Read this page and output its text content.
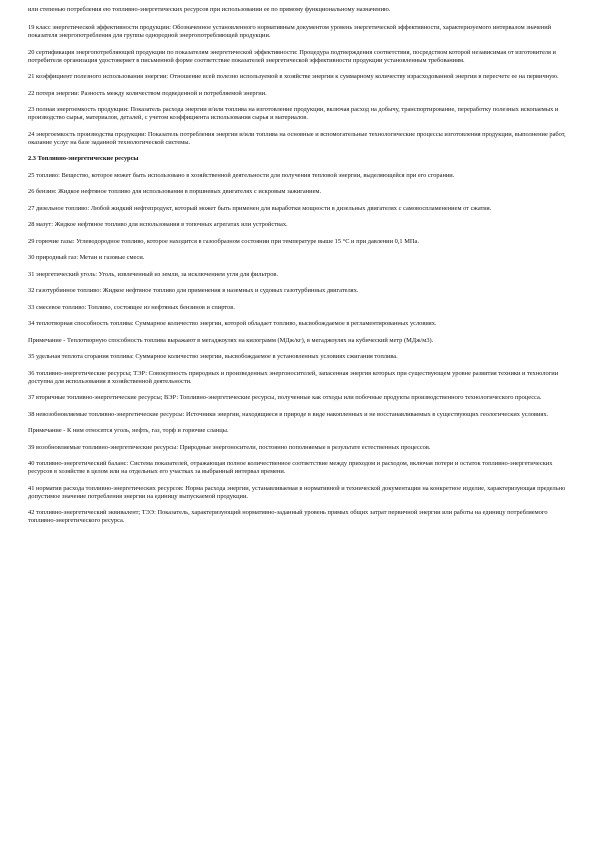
или степенью потребления ею топливно-энергетических ресурсов при использовании ее по прямому функциональному назначению.

19 класс энергетической эффективности продукции: Обозначенное установленного нормативным документом уровень энергетической эффективности, характеризуемого интервалом значений показателя энергопотребления для группы однородной энергопотребляющей продукции.

20 сертификация энергопотребляющей продукции по показателям энергетической эффективности: Процедура подтверждения соответствия, посредством которой независимая от изготовителя и потребителя организация удостоверяет в письменной форме соответствие показателей энергетической эффективности продукции установленным требованиям.

21 коэффициент полезного использования энергии: Отношение всей полезно используемой в хозяйстве энергии к суммарному количеству израсходованной энергии в пересчете ее на первичную.

22 потеря энергии: Разность между количеством подведенной и потребляемой энергии.

23 полная энергоемкость продукции: Показатель расхода энергии и/или топлива на изготовление продукции, включая расход на добычу, транспортирование, переработку полезных ископаемых и производство сырья, материалов, деталей, с учетом коэффициента использования сырья и материалов.

24 энергоемкость производства продукции: Показатель потребления энергии и/или топлива на основные и вспомогательные технологические процессы изготовления продукции, выполнение работ, оказание услуг на базе заданной технологической системы.

2.3 Топливно-энергетические ресурсы

25 топливо: Вещество, которое может быть использовано в хозяйственной деятельности для получения тепловой энергии, выделяющейся при его сгорании.

26 бензин: Жидкое нефтяное топливо для использования в поршневых двигателях с искровым зажиганием.

27 дизельное топливо: Любой жидкий нефтепродукт, который может быть применен для выработки мощности в дизельных двигателях с самовоспламенением от сжатия.

28 мазут: Жидкое нефтяное топливо для использования в топочных агрегатах или устройствах.

29 горючие газы: Углеводородное топливо, которое находится в газообразном состоянии при температуре выше 15 °С и при давлении 0,1 МПа.

30 природный газ: Метан и газовые смеси.

31 энергетический уголь: Уголь, извлеченный из земли, за исключением угля для фильтров.

32 газотурбинное топливо: Жидкое нефтяное топливо для применения в наземных и судовых газотурбинных двигателях.

33 смесевое топливо: Топливо, состоящее из нефтяных бензинов и спиртов.

34 теплотворная способность топлива: Суммарное количество энергии, которой обладает топливо, высвобождаемое в регламентированных условиях.

Примечание - Теплотворную способность топлива выражают в мегаджоулях на килограмм (МДж/кг), в мегаджоулях на кубический метр (МДж/м3).

35 удельная теплота сгорания топлива: Суммарное количество энергии, высвобождаемое в установленных условиях сжигания топлива.

36 топливно-энергетические ресурсы; ТЭР: Совокупность природных и произведенных энергоносителей, запасенная энергия которых при существующем уровне развития техники и технологии доступна для использования в хозяйственной деятельности.

37 вторичные топливно-энергетические ресурсы; ВЭР: Топливно-энергетические ресурсы, полученные как отходы или побочные продукты производственного технологического процесса.

38 невозобновляемые топливно-энергетические ресурсы: Источники энергии, находящиеся в природе в виде накопленных и не восстанавливаемых в существующих геологических условиях.

Примечание - К ним относятся уголь, нефть, газ, торф и горючие сланцы.

39 возобновляемые топливно-энергетические ресурсы: Природные энергоносители, постоянно пополняемые в результате естественных процессов.

40 топливно-энергетический баланс: Система показателей, отражающая полное количественное соответствие между приходом и расходом, включая потери и остаток топливно-энергетических ресурсов в хозяйстве в целом или на отдельных его участках за выбранный интервал времени.

41 норматив расхода топливно-энергетических ресурсов: Норма расхода энергии, устанавливаемая в нормативной и технической документации на конкретное изделие, характеризующая предельно допустимое значение потребления энергии на единицу выпускаемой продукции.

42 топливно-энергетический эквивалент; ТЭЭ: Показатель, характеризующий нормативно-заданный уровень прямых общих затрат первичной энергии или работы на единицу потребляемого топливно-энергетического ресурса.
